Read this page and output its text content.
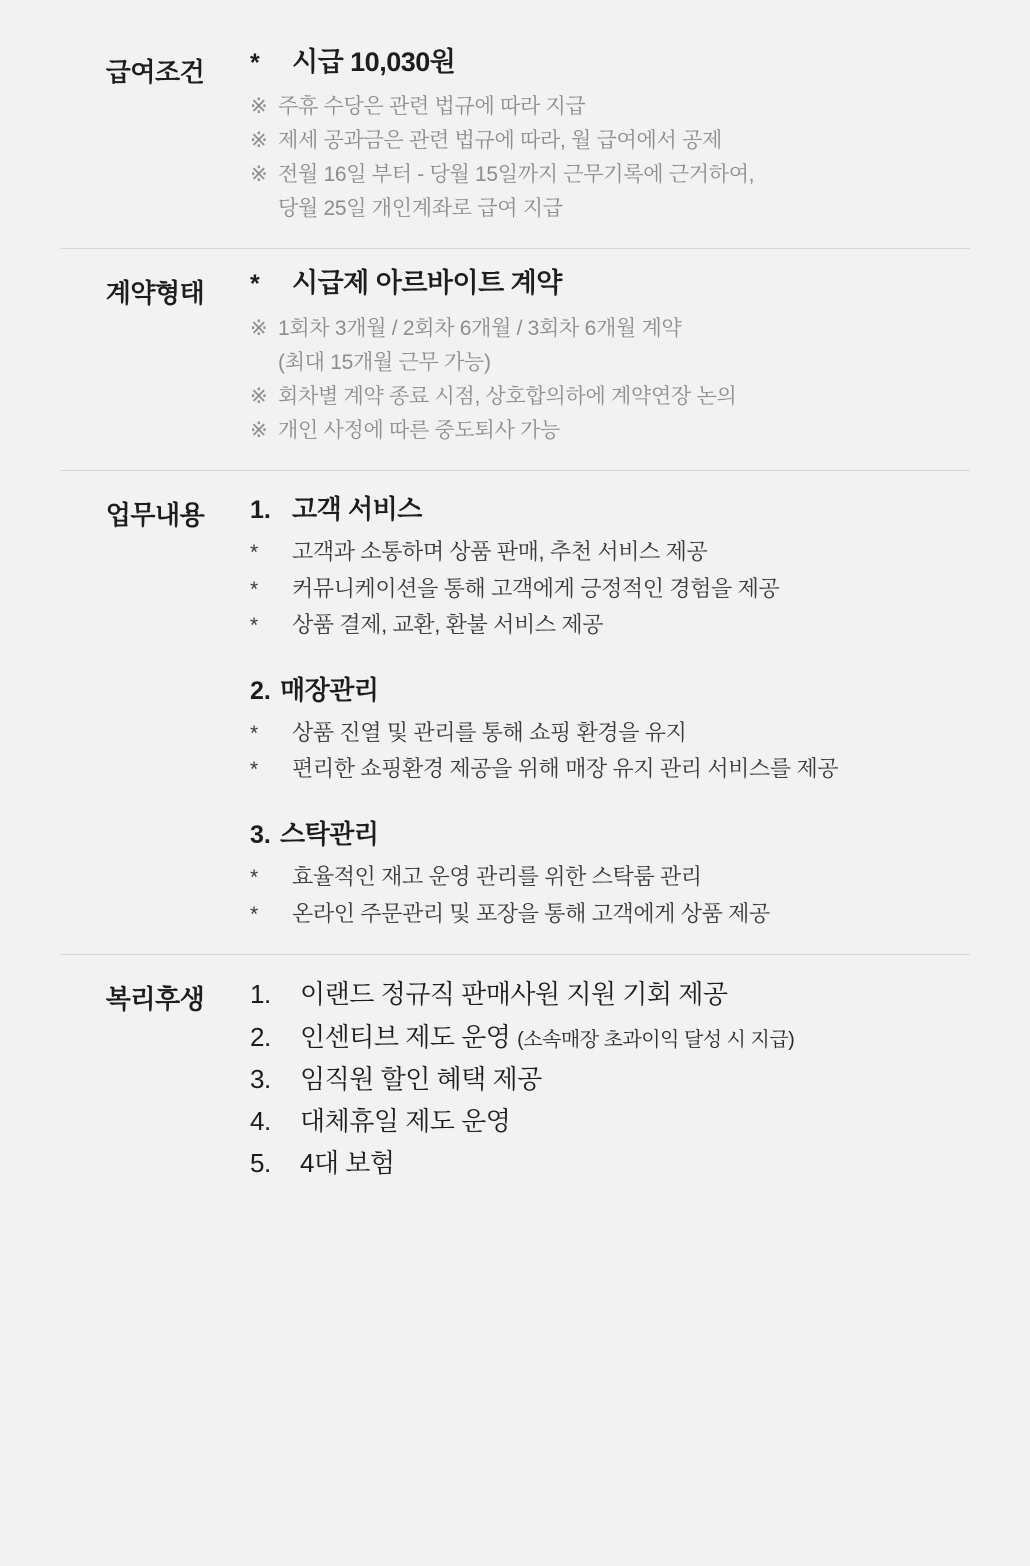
급여조건	*	시급 10,030원
※ 주휴 수당은 관련 법규에 따라 지급
※ 제세 공과금은 관련 법규에 따라, 월 급여에서 공제
※ 전월 16일 부터 - 당월 15일까지 근무기록에 근거하여,
당월 25일 개인계좌로 급여 지급
계약형태	*	시급제 아르바이트 계약
※ 1회차 3개월 / 2회차 6개월 / 3회차 6개월 계약
(최대 15개월 근무 가능)
※ 회차별 계약 종료 시점, 상호합의하에 계약연장 논의
※ 개인 사정에 따른 중도퇴사 가능
업무내용	1. 고객 서비스
*	고객과 소통하며 상품 판매, 추천 서비스 제공
*	커뮤니케이션을 통해 고객에게 긍정적인 경험을 제공
*	상품 결제, 교환, 환불 서비스 제공
2. 매장관리
*	상품 진열 및 관리를 통해 쇼핑 환경을 유지
*	편리한 쇼핑환경 제공을 위해 매장 유지 관리 서비스를 제공
3. 스탁관리
*	효율적인 재고 운영 관리를 위한 스탁룸 관리
*	온라인 주문관리 및 포장을 통해 고객에게 상품 제공
복리후생	1.	이랜드 정규직 판매사원 지원 기회 제공
2.	인센티브 제도 운영 (소속매장 초과이익 달성 시 지급)
3.	임직원 할인 혜택 제공
4.	대체휴일 제도 운영
5.	4대 보험
